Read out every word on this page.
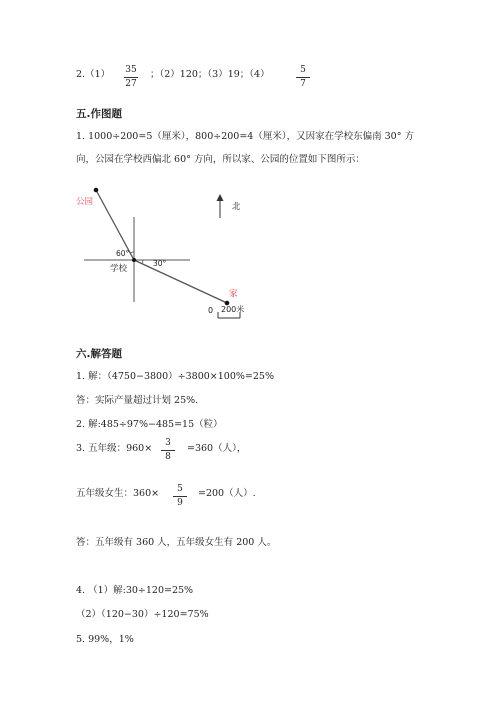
2.（1）	35
27
；（2）120；（3）19；（4）	5
7
五.作图题
1. 1000÷200=5（厘米），800÷200=4（厘米），又因家在学校东偏南 30° 方
向，公园在学校西偏北 60° 方向，所以家、公园的位置如下图所示：
公园
60°
30°
学校
家
北
0 200米
六.解答题
1. 解：（4750−3800）÷3800×100%=25%
答：实际产量超过计划 25%.
2. 解:485÷97%−485=15（粒）
3. 五年级：960×	3
8
=360（人），
五年级女生：360×	5
9
=200（人）.
答：五年级有 360 人，五年级女生有 200 人。
4. （1）解:30÷120=25%
（2）（120−30）÷120=75%
5. 99%，1%
